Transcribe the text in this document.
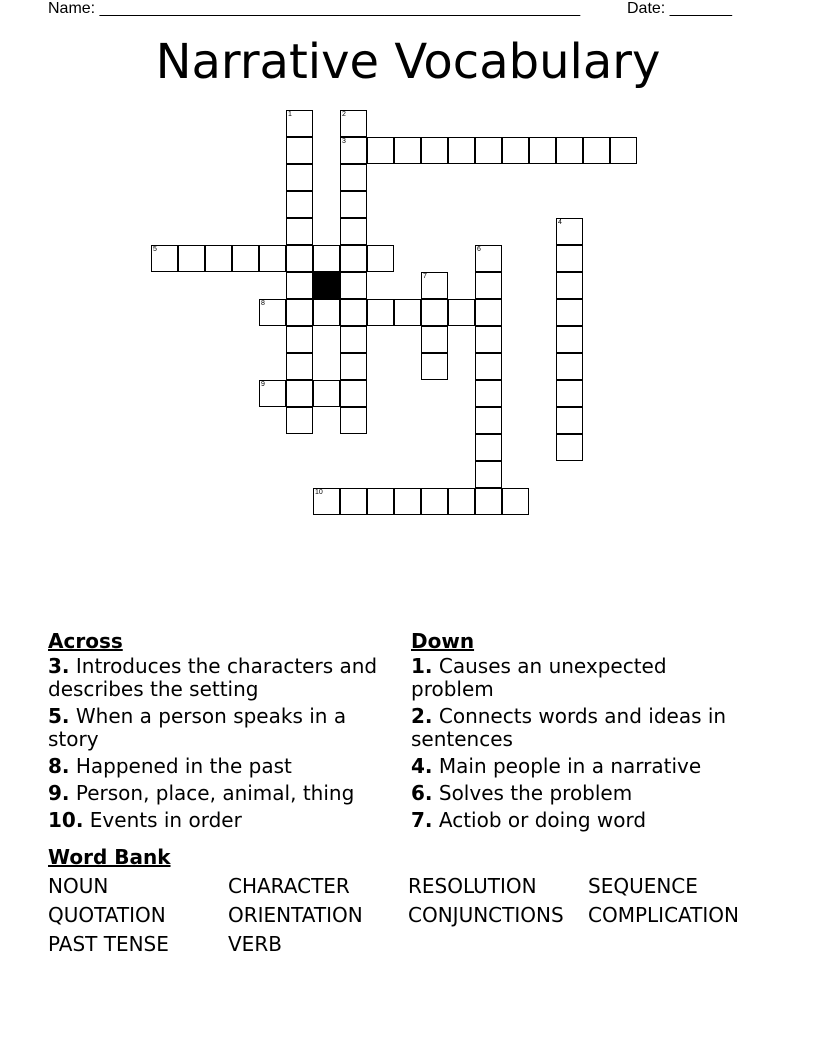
Name: ______________________________________________________	Date: _______
Narrative Vocabulary
1	2
3
4
5	6
7
8
9
10
Across
3. Introduces the characters and describes the setting
5. When a person speaks in a story
8. Happened in the past
9. Person, place, animal, thing
10. Events in order
Down
1. Causes an unexpected problem
2. Connects words and ideas in sentences
4. Main people in a narrative
6. Solves the problem
7. Actiob or doing word
Word Bank
NOUN	CHARACTER	RESOLUTION	SEQUENCE
QUOTATION	ORIENTATION	CONJUNCTIONS	COMPLICATION
PAST TENSE	VERB
